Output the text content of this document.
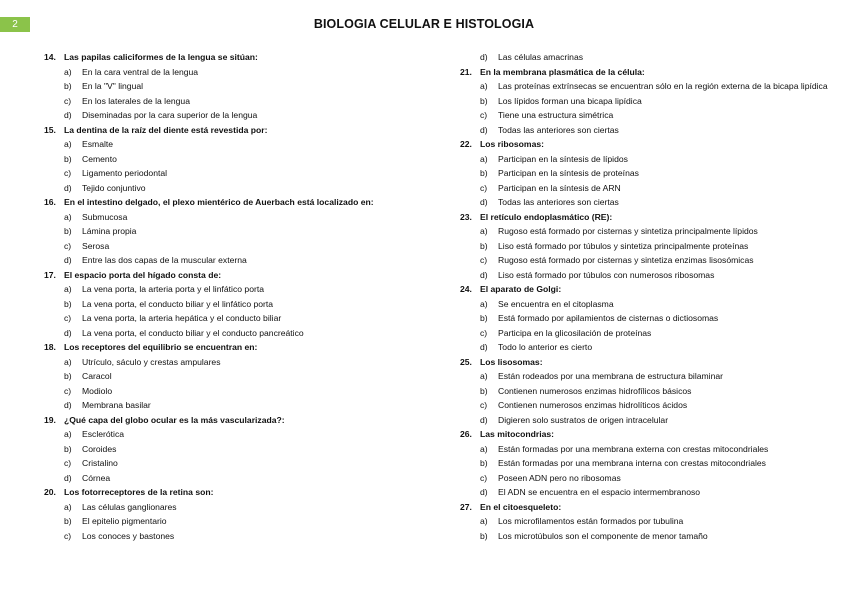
2	BIOLOGIA CELULAR E HISTOLOGIA
14. Las papilas caliciformes de la lengua se sitúan:
a)	En la cara ventral de la lengua
b)	En la "V" lingual
c)	En los laterales de la lengua
d)	Diseminadas por la cara superior de la lengua
15. La dentina de la raíz del diente está revestida por:
a)	Esmalte
b)	Cemento
c)	Ligamento periodontal
d)	Tejido conjuntivo
16. En el intestino delgado, el plexo mientérico de Auerbach está localizado en:
a)	Submucosa
b)	Lámina propia
c)	Serosa
d)	Entre las dos capas de la muscular externa
17. El espacio porta del hígado consta de:
a)	La vena porta, la arteria porta y el linfático porta
b)	La vena porta, el conducto biliar y el linfático porta
c)	La vena porta, la arteria hepática y el conducto biliar
d)	La vena porta, el conducto biliar y el conducto pancreático
18. Los receptores del equilibrio se encuentran en:
a)	Utrículo, sáculo y crestas ampulares
b)	Caracol
c)	Modiolo
d)	Membrana basilar
19. ¿Qué capa del globo ocular es la más vascularizada?:
a)	Esclerótica
b)	Coroides
c)	Cristalino
d)	Córnea
20. Los fotorreceptores de la retina son:
a)	Las células ganglionares
b)	El epitelio pigmentario
c)	Los conoces y bastones
d)	Las células amacrinas
21. En la membrana plasmática de la célula:
a)	Las proteínas extrínsecas se encuentran sólo en la región externa de la bicapa lipídica
b)	Los lípidos forman una bicapa lipídica
c)	Tiene una estructura simétrica
d)	Todas las anteriores son ciertas
22. Los ribosomas:
a)	Participan en la síntesis de lípidos
b)	Participan en la síntesis de proteínas
c)	Participan en la síntesis de ARN
d)	Todas las anteriores son ciertas
23. El retículo endoplasmático (RE):
a)	Rugoso está formado por cisternas y sintetiza principalmente lípidos
b)	Liso está formado por túbulos y sintetiza principalmente proteínas
c)	Rugoso está formado por cisternas y sintetiza enzimas lisosómicas
d)	Liso está formado por túbulos con numerosos ribosomas
24. El aparato de Golgi:
a)	Se encuentra en el citoplasma
b)	Está formado por apilamientos de cisternas o dictiosomas
c)	Participa en la glicosilación de proteínas
d)	Todo lo anterior es cierto
25. Los lisosomas:
a)	Están rodeados por una membrana de estructura bilaminar
b)	Contienen numerosos enzimas hidrofílicos básicos
c)	Contienen numerosos enzimas hidrolíticos ácidos
d)	Digieren solo sustratos de origen intracelular
26. Las mitocondrias:
a)	Están formadas por una membrana externa con crestas mitocondriales
b)	Están formadas por una membrana interna con crestas mitocondriales
c)	Poseen ADN pero no ribosomas
d)	El ADN se encuentra en el espacio intermembranoso
27. En el citoesqueleto:
a)	Los microfilamentos están formados por tubulina
b)	Los microtúbulos son el componente de menor tamaño
